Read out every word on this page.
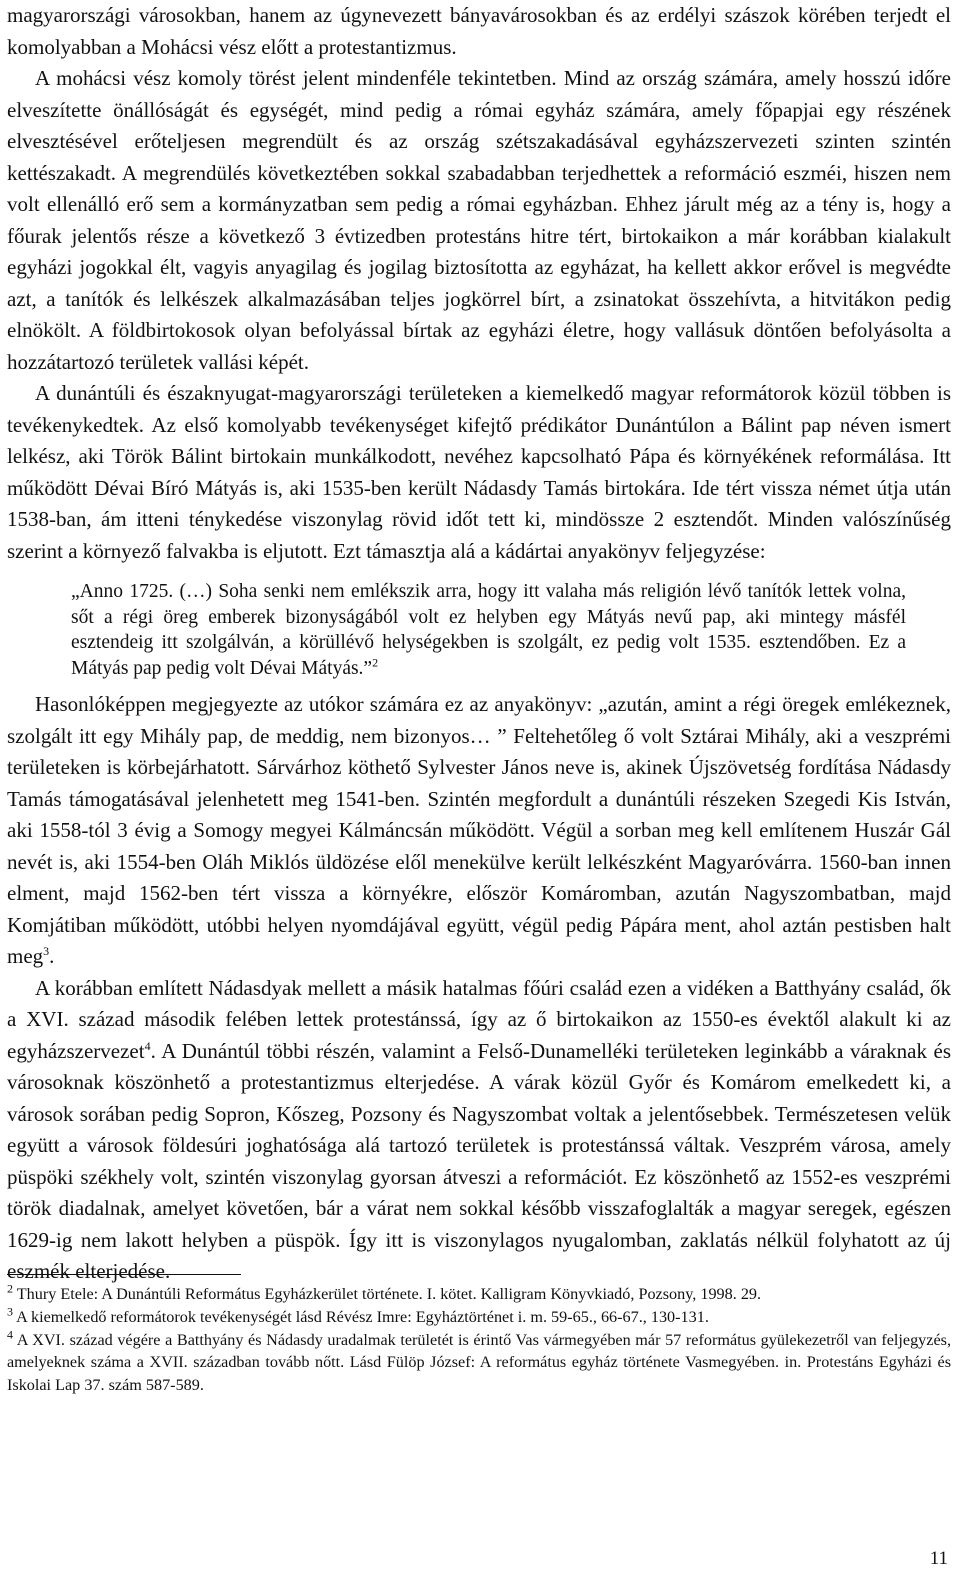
magyarországi városokban, hanem az úgynevezett bányavárosokban és az erdélyi szászok körében terjedt el komolyabban a Mohácsi vész előtt a protestantizmus.

A mohácsi vész komoly törést jelent mindenféle tekintetben. Mind az ország számára, amely hosszú időre elveszítette önállóságát és egységét, mind pedig a római egyház számára, amely főpapjai egy részének elvesztésével erőteljesen megrendült és az ország szétszakadásával egyházszervezeti szinten szintén kettészakadt. A megrendülés következtében sokkal szabadabban terjedhettek a reformáció eszméi, hiszen nem volt ellenálló erő sem a kormányzatban sem pedig a római egyházban. Ehhez járult még az a tény is, hogy a főurak jelentős része a következő 3 évtizedben protestáns hitre tért, birtokaikon a már korábban kialakult egyházi jogokkal élt, vagyis anyagilag és jogilag biztosította az egyházat, ha kellett akkor erővel is megvédte azt, a tanítók és lelkészek alkalmazásában teljes jogkörrel bírt, a zsinatokat összehívta, a hitvitákon pedig elnökölt. A földbirtokosok olyan befolyással bírtak az egyházi életre, hogy vallásuk döntően befolyásolta a hozzátartozó területek vallási képét.

A dunántúli és északnyugat-magyarországi területeken a kiemelkedő magyar reformátorok közül többen is tevékenykedtek. Az első komolyabb tevékenységet kifejtő prédikátor Dunántúlon a Bálint pap néven ismert lelkész, aki Török Bálint birtokain munkálkodott, nevéhez kapcsolható Pápa és környékének reformálása. Itt működött Dévai Bíró Mátyás is, aki 1535-ben került Nádasdy Tamás birtokára. Ide tért vissza német útja után 1538-ban, ám itteni ténykedése viszonylag rövid időt tett ki, mindössze 2 esztendőt. Minden valószínűség szerint a környező falvakba is eljutott. Ezt támasztja alá a kádártai anyakönyv feljegyzése:

„Anno 1725. (…) Soha senki nem emlékszik arra, hogy itt valaha más religión lévő tanítók lettek volna, sőt a régi öreg emberek bizonyságából volt ez helyben egy Mátyás nevű pap, aki mintegy másfél esztendeig itt szolgálván, a körüllévő helységekben is szolgált, ez pedig volt 1535. esztendőben. Ez a Mátyás pap pedig volt Dévai Mátyás.”$^2$

Hasonlóképpen megjegyezte az utókor számára ez az anyakönyv: „azután, amint a régi öregek emlékeznek, szolgált itt egy Mihály pap, de meddig, nem bizonyos… ” Feltehetőleg ő volt Sztárai Mihály, aki a veszprémi területeken is körbejárhatott. Sárvárhoz köthető Sylvester János neve is, akinek Újszövetség fordítása Nádasdy Tamás támogatásával jelenhetett meg 1541-ben. Szintén megfordult a dunántúli részeken Szegedi Kis István, aki 1558-tól 3 évig a Somogy megyei Kálmáncsán működött. Végül a sorban meg kell említenem Huszár Gál nevét is, aki 1554-ben Oláh Miklós üldözése elől menekülve került lelkészként Magyaróvárra. 1560-ban innen elment, majd 1562-ben tért vissza a környékre, először Komáromban, azután Nagyszombatban, majd Komjátiban működött, utóbbi helyen nyomdájával együtt, végül pedig Pápára ment, ahol aztán pestisben halt meg$^3$.

A korábban említett Nádasdyak mellett a másik hatalmas főúri család ezen a vidéken a Batthyány család, ők a XVI. század második felében lettek protestánssá, így az ő birtokaikon az 1550-es évektől alakult ki az egyházszervezet$^4$. A Dunántúl többi részén, valamint a Felső-Dunamelléki területeken leginkább a váraknak és városoknak köszönhető a protestantizmus elterjedése. A várak közül Győr és Komárom emelkedett ki, a városok sorában pedig Sopron, Kőszeg, Pozsony és Nagyszombat voltak a jelentősebbek. Természetesen velük együtt a városok földesúri joghatósága alá tartozó területek is protestánssá váltak. Veszprém városa, amely püspöki székhely volt, szintén viszonylag gyorsan átveszi a reformációt. Ez köszönhető az 1552-es veszprémi török diadalnak, amelyet követően, bár a várat nem sokkal később visszafoglalták a magyar seregek, egészen 1629-ig nem lakott helyben a püspök. Így itt is viszonylagos nyugalomban, zaklatás nélkül folyhatott az új eszmék elterjedése.

$^2$ Thury Etele: A Dunántúli Református Egyházkerület története. I. kötet. Kalligram Könyvkiadó, Pozsony, 1998. 29.

$^3$ A kiemelkedő reformátorok tevékenységét lásd Révész Imre: Egyháztörténet i. m. 59-65., 66-67., 130-131.

$^4$ A XVI. század végére a Batthyány és Nádasdy uradalmak területét is érintő Vas vármegyében már 57 református gyülekezetről van feljegyzés, amelyeknek száma a XVII. században tovább nőtt. Lásd Fülöp József: A református egyház története Vasmegyében. in. Protestáns Egyházi és Iskolai Lap 37. szám 587-589.

11
